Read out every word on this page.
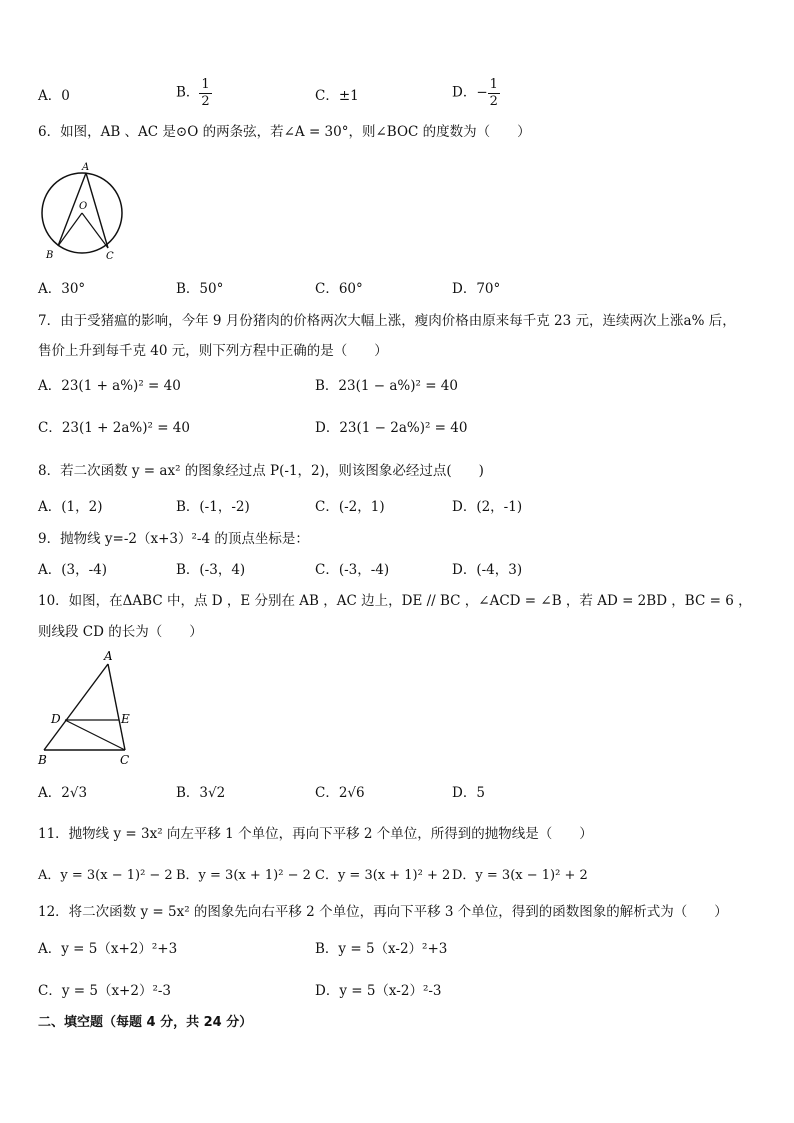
A．0	B． $\frac{1}{2}$	C．±1	D．− $\frac{1}{2}$
6．如图，AB 、AC 是⊙O 的两条弦，若∠A = 30°，则∠BOC 的度数为（　　）
A
O
B	C
A．30°	B．50°	C．60°	D．70°
7．由于受猪瘟的影响，今年 9 月份猪肉的价格两次大幅上涨，瘦肉价格由原来每千克 23 元，连续两次上涨a% 后，
售价上升到每千克 40 元，则下列方程中正确的是（　　）
A．23(1 + a%)² = 40	B．23(1 − a%)² = 40
C．23(1 + 2a%)² = 40	D．23(1 − 2a%)² = 40
8．若二次函数 y = ax² 的图象经过点 P(-1，2)，则该图象必经过点(　　)
A．(1，2)	B．(-1，-2)	C．(-2，1)	D．(2，-1)
9．抛物线 y=-2（x+3）²-4 的顶点坐标是：
A．(3，-4)	B．(-3，4)	C．(-3，-4)	D．(-4，3)
10．如图，在ΔABC 中，点 D ，E 分别在 AB ，AC 边上，DE // BC ，∠ACD = ∠B ，若 AD = 2BD ，BC = 6 ，
则线段 CD 的长为（　　）
A
D	E
B	C
A．2√3	B．3√2	C．2√6	D．5
11．抛物线 y = 3x² 向左平移 1 个单位，再向下平移 2 个单位，所得到的抛物线是（　　）
A．y = 3(x − 1)² − 2 B．y = 3(x + 1)² − 2 C．y = 3(x + 1)² + 2 D．y = 3(x − 1)² + 2
12．将二次函数 y = 5x² 的图象先向右平移 2 个单位，再向下平移 3 个单位，得到的函数图象的解析式为（　　）
A．y = 5（x+2）²+3	B．y = 5（x-2）²+3
C．y = 5（x+2）²-3	D．y = 5（x-2）²-3
二、填空题（每题 4 分，共 24 分）
